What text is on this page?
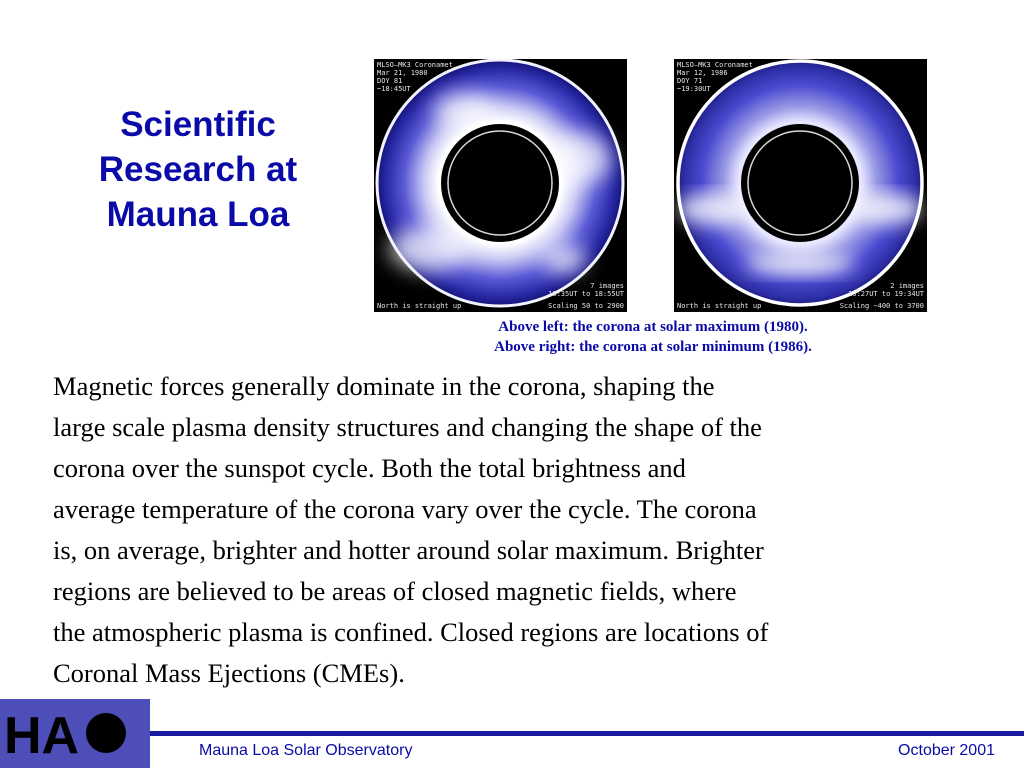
Scientific
Research at
Mauna Loa
MLSO—MK3 Coronamet
Mar 21, 1980
DOY 81
~18:45UT
7 images
18:35UT to 18:55UT
North is straight up	Scaling 50 to 2900
MLSO—MK3 Coronamet
Mar 12, 1986
DOY 71
~19:30UT
2 images
19:27UT to 19:34UT
North is straight up	Scaling −400 to 3700
Above left: the corona at solar maximum (1980).
Above right: the corona at solar minimum (1986).

Magnetic forces generally dominate in the corona, shaping the
large scale plasma density structures and changing the shape of the
corona over the sunspot cycle. Both the total brightness and
average temperature of the corona vary over the cycle. The corona
is, on average, brighter and hotter around solar maximum. Brighter
regions are believed to be areas of closed magnetic fields, where
the atmospheric plasma is confined. Closed regions are locations of
Coronal Mass Ejections (CMEs).

HA	Mauna Loa Solar Observatory	October 2001
